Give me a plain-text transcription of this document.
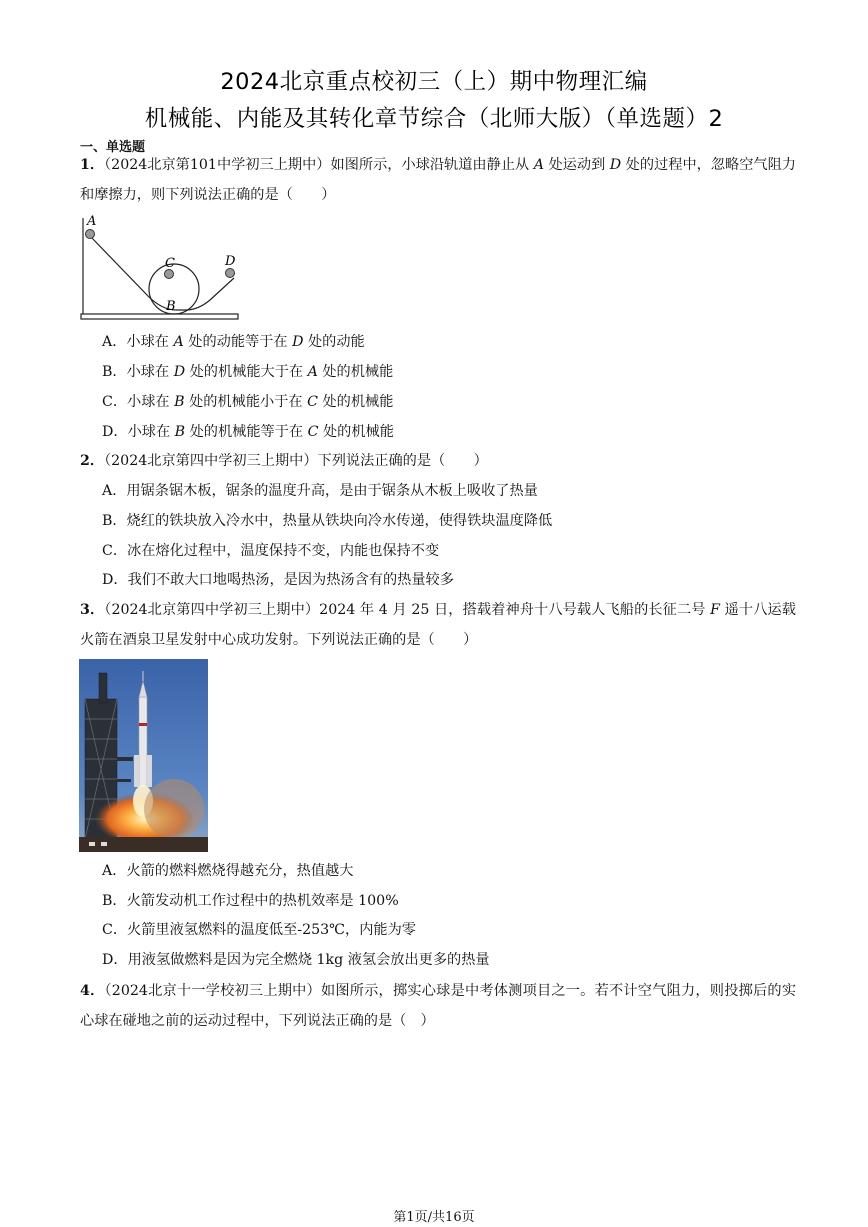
2024北京重点校初三（上）期中物理汇编
机械能、内能及其转化章节综合（北师大版）（单选题）2
一、单选题
1．（2024北京第101中学初三上期中）如图所示，小球沿轨道由静止从 A 处运动到 D 处的过程中，忽略空气阻力和摩擦力，则下列说法正确的是（　　）
A
C	D
B
A．小球在 A 处的动能等于在 D 处的动能
B．小球在 D 处的机械能大于在 A 处的机械能
C．小球在 B 处的机械能小于在 C 处的机械能
D．小球在 B 处的机械能等于在 C 处的机械能
2．（2024北京第四中学初三上期中）下列说法正确的是（　　）
A．用锯条锯木板，锯条的温度升高，是由于锯条从木板上吸收了热量
B．烧红的铁块放入冷水中，热量从铁块向冷水传递，使得铁块温度降低
C．冰在熔化过程中，温度保持不变，内能也保持不变
D．我们不敢大口地喝热汤，是因为热汤含有的热量较多
3．（2024北京第四中学初三上期中）2024 年 4 月 25 日，搭载着神舟十八号载人飞船的长征二号 F 遥十八运载火箭在酒泉卫星发射中心成功发射。下列说法正确的是（　　）
A．火箭的燃料燃烧得越充分，热值越大
B．火箭发动机工作过程中的热机效率是 100%
C．火箭里液氢燃料的温度低至-253℃，内能为零
D．用液氢做燃料是因为完全燃烧 1kg 液氢会放出更多的热量
4．（2024北京十一学校初三上期中）如图所示，掷实心球是中考体测项目之一。若不计空气阻力，则投掷后的实心球在碰地之前的运动过程中，下列说法正确的是（　）
第1页/共16页
